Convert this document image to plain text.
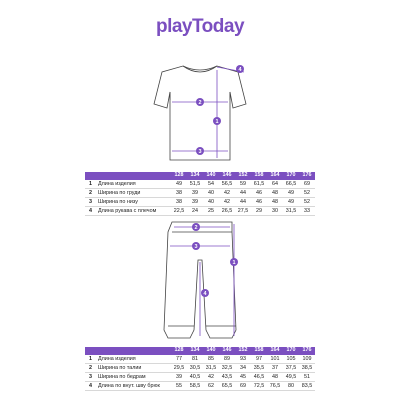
playToday
1
2
3
4
1
2
3
4
		128	134	140	146	152	158	164	170	176
1	Длина изделия	49	51,5	54	56,5	59	61,5	64	66,5	69
2	Ширина по груди	38	39	40	42	44	46	48	49	52
3	Ширина по низу	38	39	40	42	44	46	48	49	52
4	Длина рукава с плечом	22,5	24	25	26,5	27,5	29	30	31,5	33
		128	134	140	146	152	158	164	170	176
1	Длина изделия	77	81	85	89	93	97	101	105	109
2	Ширина по талии	29,5	30,5	31,5	32,5	34	35,5	37	37,5	38,5
3	Ширина по бедрам	39	40,5	42	43,5	45	46,5	48	49,5	51
4	Длина по внут. шву брюк	55	58,5	62	65,5	69	72,5	76,5	80	83,5
